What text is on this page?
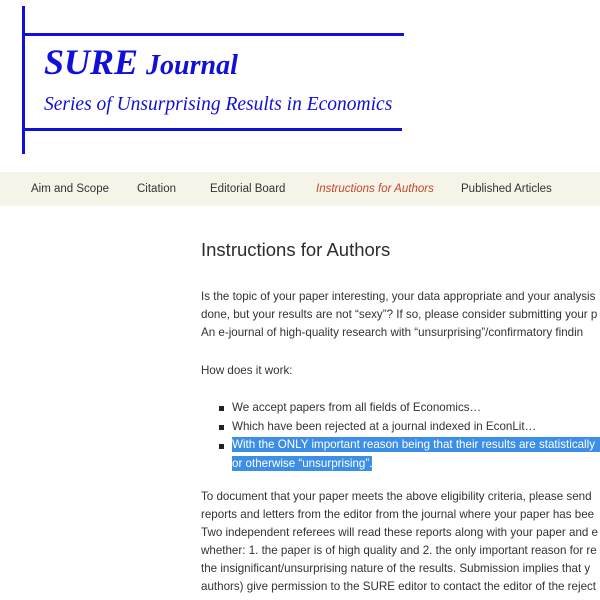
SURE Journal

Series of Unsurprising Results in Economics

Aim and Scope Citation	Editorial Board	Instructions for Authors Published Articles
Instructions for Authors

Is the topic of your paper interesting, your data appropriate and your analysis

done, but your results are not “sexy”? If so, please consider submitting your p

An e-journal of high-quality research with “unsurprising”/confirmatory findin

How does it work:

We accept papers from all fields of Economics…

Which have been rejected at a journal indexed in EconLit…

With the ONLY important reason being that their results are statistically

or otherwise “unsurprising”.

To document that your paper meets the above eligibility criteria, please send

reports and letters from the editor from the journal where your paper has bee

Two independent referees will read these reports along with your paper and e

whether: 1. the paper is of high quality and 2. the only important reason for re

the insignificant/unsurprising nature of the results. Submission implies that y

authors) give permission to the SURE editor to contact the editor of the reject
